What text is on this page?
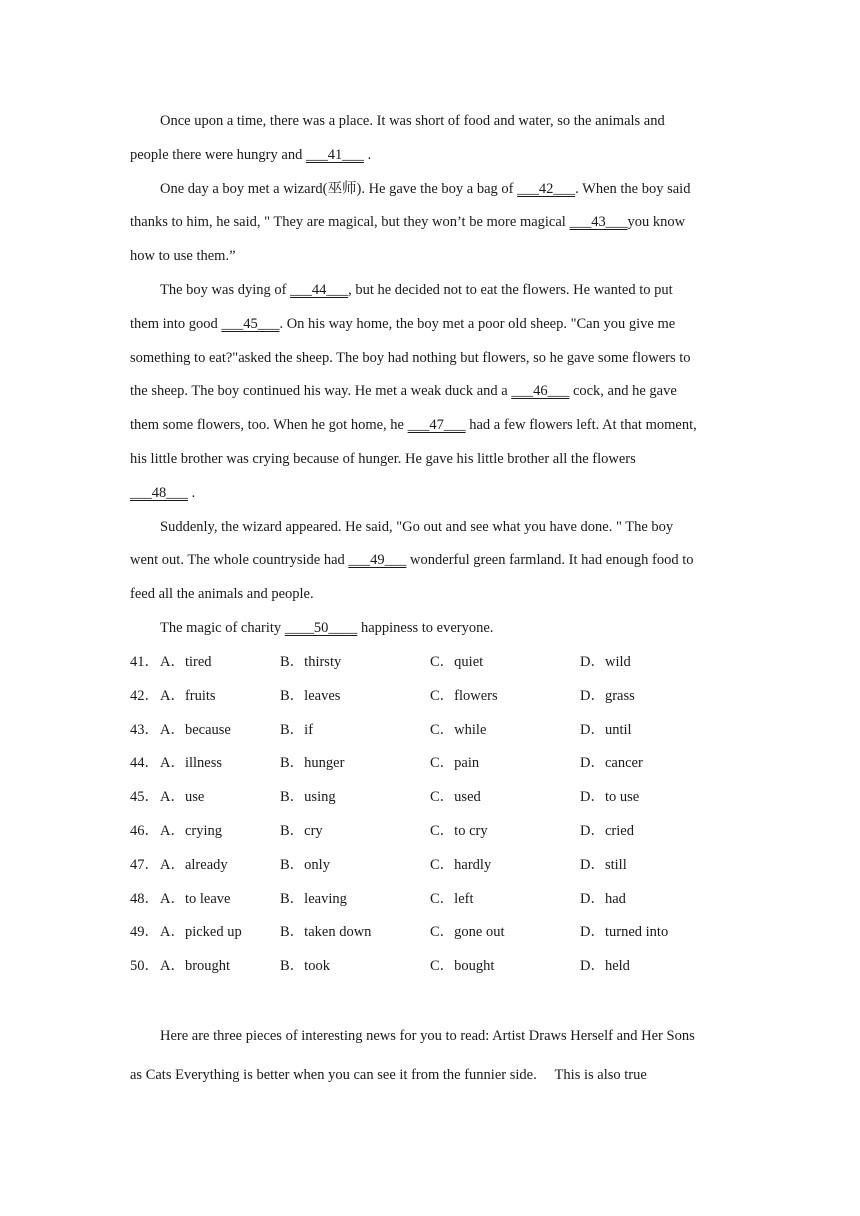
Once upon a time, there was a place. It was short of food and water, so the animals and
people there were hungry and ___41___ .
One day a boy met a wizard(巫师). He gave the boy a bag of ___42___. When the boy said
thanks to him, he said, " They are magical, but they won’t be more magical ___43___you know
how to use them.”
The boy was dying of ___44___, but he decided not to eat the flowers. He wanted to put
them into good ___45___. On his way home, the boy met a poor old sheep. "Can you give me
something to eat?"asked the sheep. The boy had nothing but flowers, so he gave some flowers to
the sheep. The boy continued his way. He met a weak duck and a ___46___ cock, and he gave
them some flowers, too. When he got home, he ___47___ had a few flowers left. At that moment,
his little brother was crying because of hunger. He gave his little brother all the flowers
___48___ .
Suddenly, the wizard appeared. He said, "Go out and see what you have done. " The boy
went out. The whole countryside had ___49___ wonderful green farmland. It had enough food to
feed all the animals and people.
The magic of charity ____50____ happiness to everyone.
41． A．tired	B．thirsty	C．quiet	D．wild
42． A．fruits	B．leaves	C．flowers	D．grass
43． A．because	B．if	C．while	D．until
44． A．illness	B．hunger	C．pain	D．cancer
45． A．use	B．using	C．used	D．to use
46． A．crying	B．cry	C．to cry	D．cried
47． A．already	B．only	C．hardly	D．still
48． A．to leave	B．leaving	C．left	D．had
49． A．picked up	B．taken down	C．gone out	D．turned into
50． A．brought	B．took	C．bought	D．held
Here are three pieces of interesting news for you to read: Artist Draws Herself and Her Sons
as Cats Everything is better when you can see it from the funnier side.     This is also true
